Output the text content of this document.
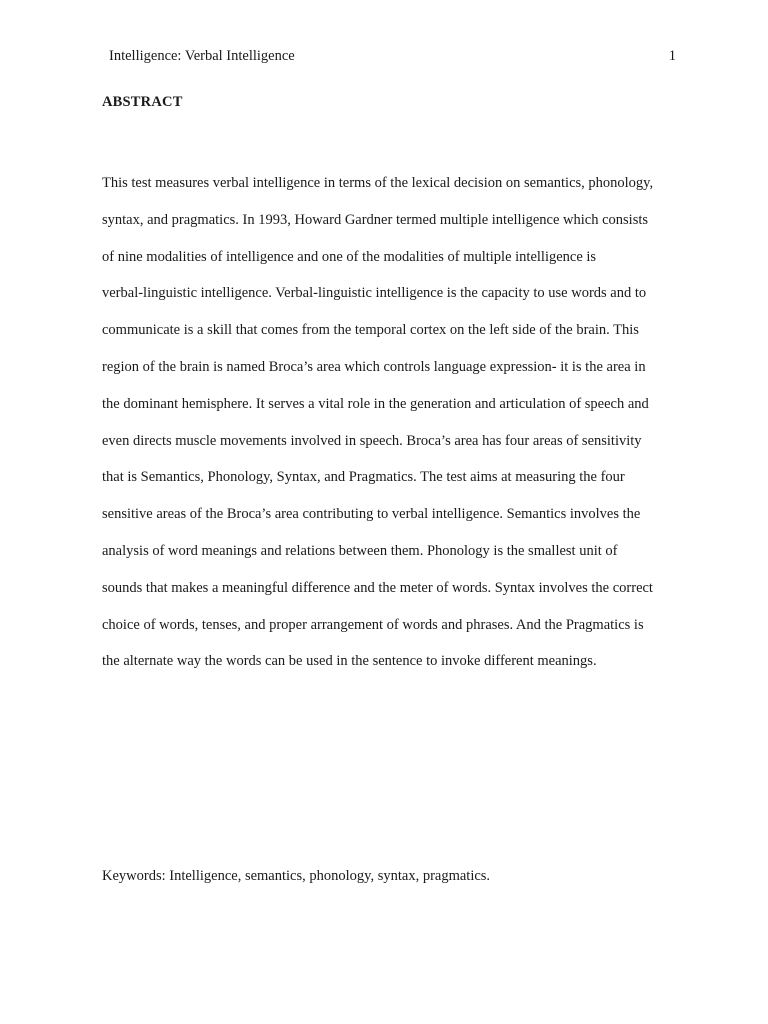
Intelligence: Verbal Intelligence	1
ABSTRACT

This test measures verbal intelligence in terms of the lexical decision on semantics, phonology,
syntax, and pragmatics. In 1993, Howard Gardner termed multiple intelligence which consists
of nine modalities of intelligence and one of the modalities of multiple intelligence is
verbal-linguistic intelligence. Verbal-linguistic intelligence is the capacity to use words and to
communicate is a skill that comes from the temporal cortex on the left side of the brain. This
region of the brain is named Broca’s area which controls language expression- it is the area in
the dominant hemisphere. It serves a vital role in the generation and articulation of speech and
even directs muscle movements involved in speech. Broca’s area has four areas of sensitivity
that is Semantics, Phonology, Syntax, and Pragmatics. The test aims at measuring the four
sensitive areas of the Broca’s area contributing to verbal intelligence. Semantics involves the
analysis of word meanings and relations between them. Phonology is the smallest unit of
sounds that makes a meaningful difference and the meter of words. Syntax involves the correct
choice of words, tenses, and proper arrangement of words and phrases. And the Pragmatics is
the alternate way the words can be used in the sentence to invoke different meanings.

Keywords: Intelligence, semantics, phonology, syntax, pragmatics.
